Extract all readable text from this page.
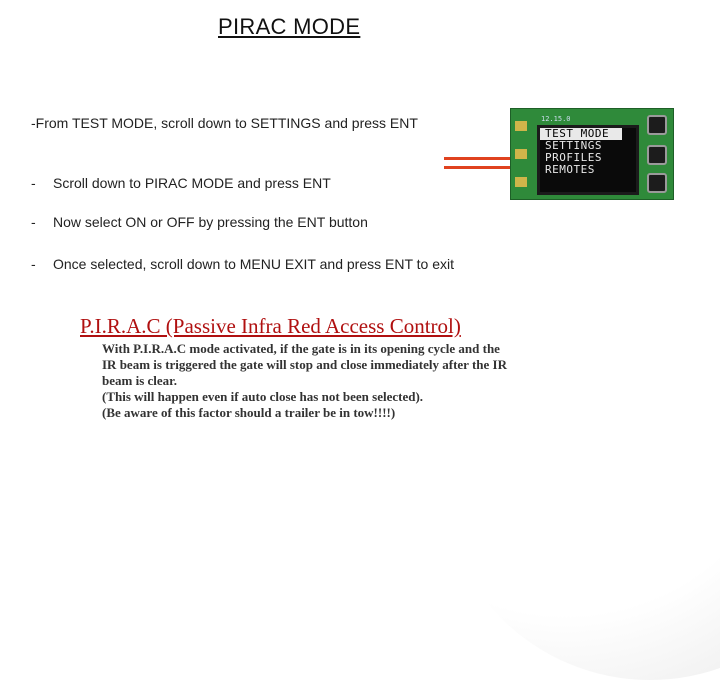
PIRAC MODE
-From TEST MODE, scroll down to SETTINGS and press ENT
- Scroll down to PIRAC MODE and press ENT
- Now select ON or OFF by pressing the ENT button
- Once selected, scroll down to MENU EXIT and press ENT to exit
12.15.0
TEST MODE
SETTINGS
PROFILES
REMOTES
P.I.R.A.C (Passive Infra Red Access Control)
With P.I.R.A.C mode activated, if the gate is in its opening cycle and the
IR beam is triggered the gate will stop and close immediately after the IR
beam is clear.
(This will happen even if auto close has not been selected).
(Be aware of this factor should a trailer be in tow!!!!)
